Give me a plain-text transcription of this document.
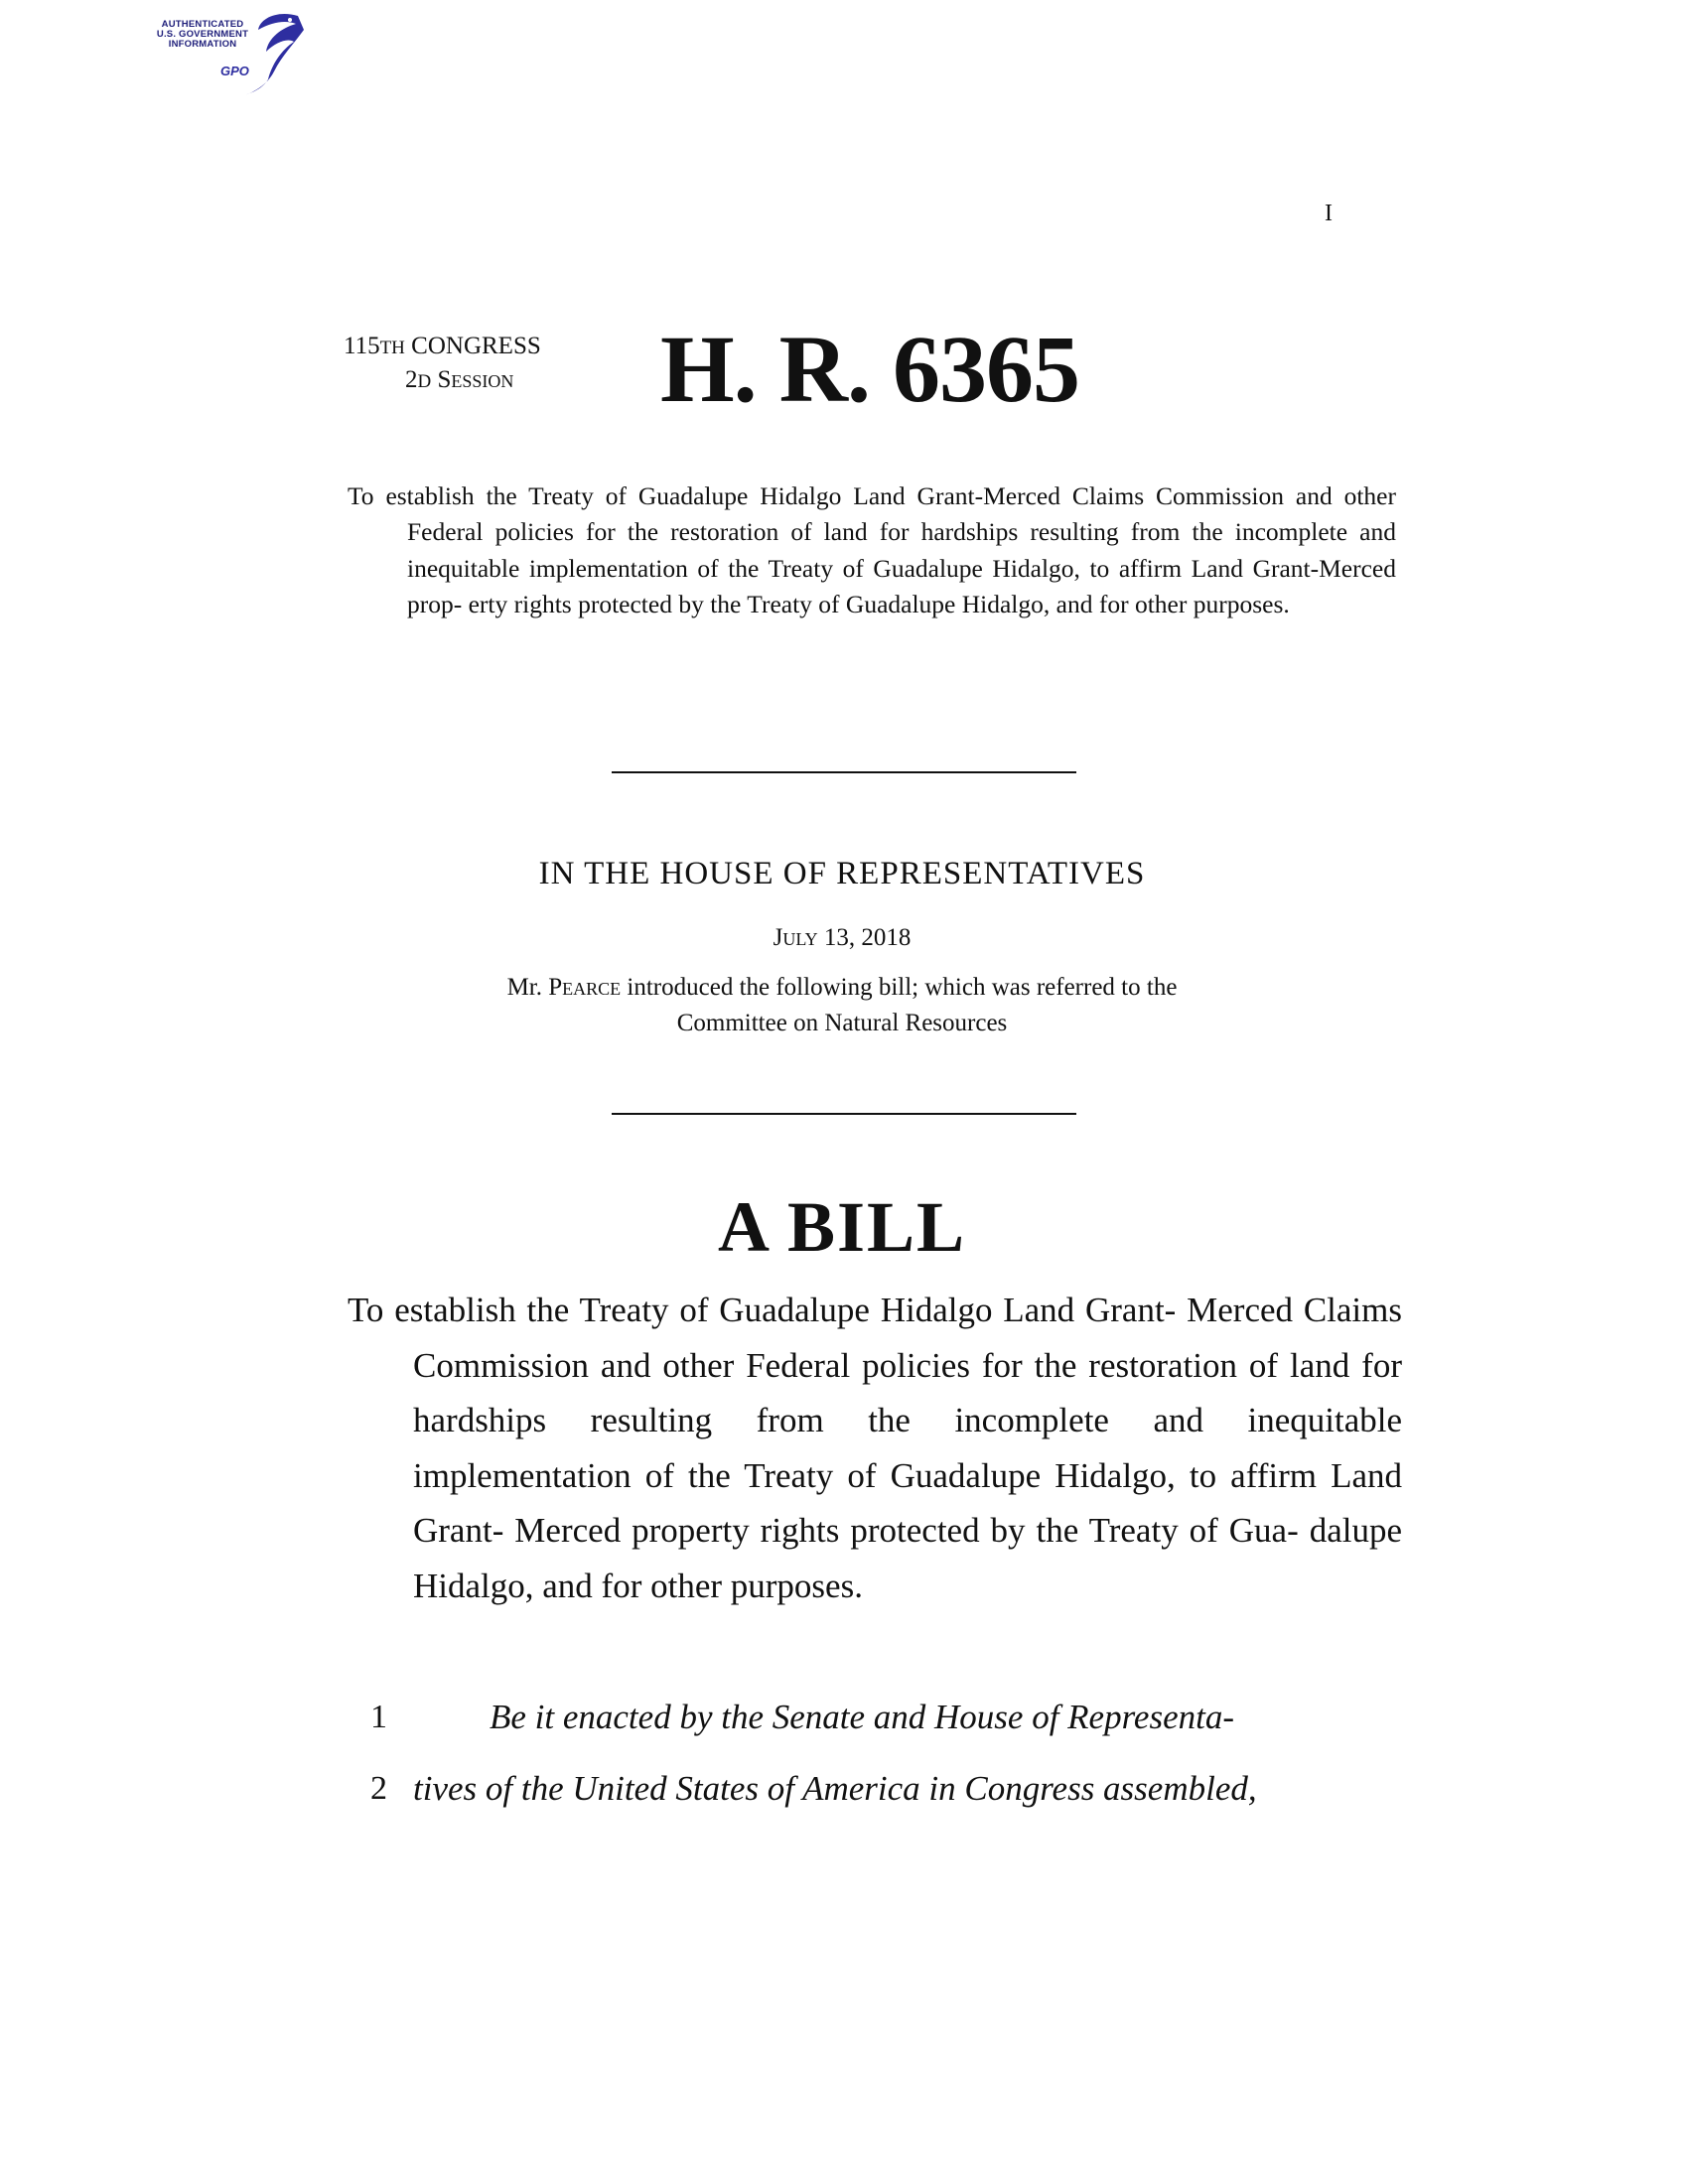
AUTHENTICATED
U.S. GOVERNMENT
INFORMATION
GPO
I
115TH CONGRESS
2D Session	H. R. 6365
To establish the Treaty of Guadalupe Hidalgo Land Grant-Merced Claims Commission and other Federal policies for the restoration of land for hardships resulting from the incomplete and inequitable implementation of the Treaty of Guadalupe Hidalgo, to affirm Land Grant-Merced prop- erty rights protected by the Treaty of Guadalupe Hidalgo, and for other purposes.
IN THE HOUSE OF REPRESENTATIVES
July 13, 2018
Mr. Pearce introduced the following bill; which was referred to the
Committee on Natural Resources
A BILL
To establish the Treaty of Guadalupe Hidalgo Land Grant- Merced Claims Commission and other Federal policies for the restoration of land for hardships resulting from the incomplete and inequitable implementation of the Treaty of Guadalupe Hidalgo, to affirm Land Grant- Merced property rights protected by the Treaty of Gua- dalupe Hidalgo, and for other purposes.
1	Be it enacted by the Senate and House of Representa-
2 tives of the United States of America in Congress assembled,
